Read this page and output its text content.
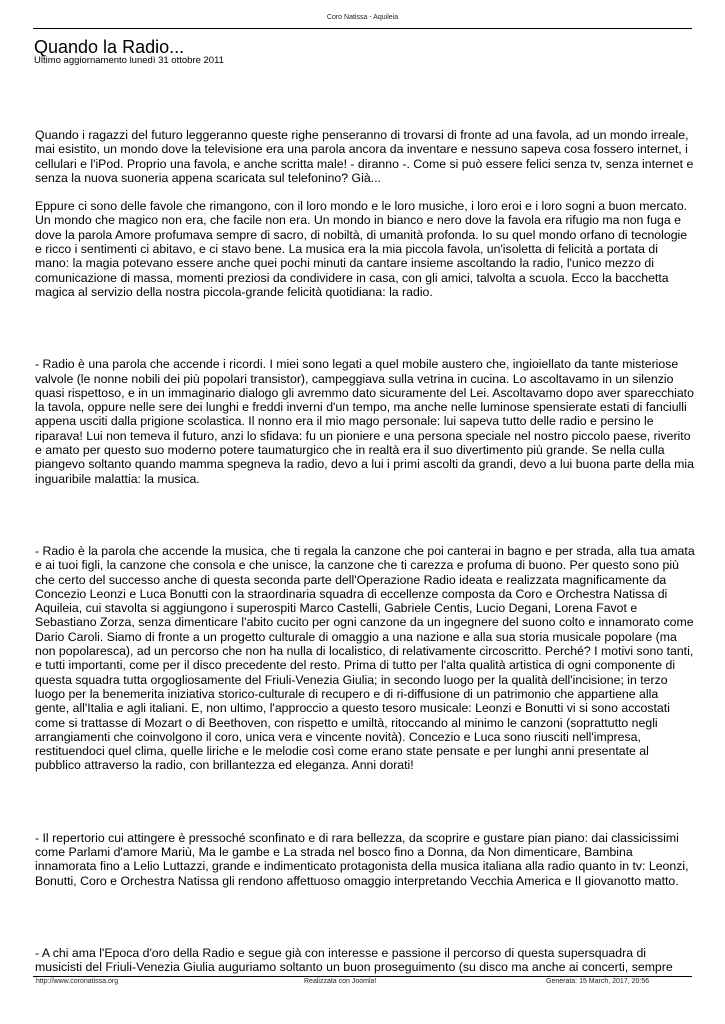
Coro Natissa - Aquileia
Quando la Radio...
Ultimo aggiornamento lunedì 31 ottobre 2011

Quando i ragazzi del futuro leggeranno queste righe penseranno di trovarsi di fronte ad una favola, ad un mondo irreale, mai esistito, un mondo dove la televisione era una parola ancora da inventare e nessuno sapeva cosa fossero internet, i cellulari e l'iPod. Proprio una favola, e anche scritta male! - diranno -. Come si può essere felici senza tv, senza internet e senza la nuova suoneria appena scaricata sul telefonino? Già...

Eppure ci sono delle favole che rimangono, con il loro mondo e le loro musiche, i loro eroi e i loro sogni a buon mercato. Un mondo che magico non era, che facile non era. Un mondo in bianco e nero dove la favola era rifugio ma non fuga e dove la parola Amore profumava sempre di sacro, di nobiltà, di umanità profonda. Io su quel mondo orfano di tecnologie e ricco i sentimenti ci abitavo, e ci stavo bene. La musica era la mia piccola favola, un'isoletta di felicità a portata di mano: la magia potevano essere anche quei pochi minuti da cantare insieme ascoltando la radio, l'unico mezzo di comunicazione di massa, momenti preziosi da condividere in casa, con gli amici, talvolta a scuola. Ecco la bacchetta magica al servizio della nostra piccola-grande felicità quotidiana: la radio.

- Radio è una parola che accende i ricordi. I miei sono legati a quel mobile austero che, ingioiellato da tante misteriose valvole (le nonne nobili dei più popolari transistor), campeggiava sulla vetrina in cucina. Lo ascoltavamo in un silenzio quasi rispettoso, e in un immaginario dialogo gli avremmo dato sicuramente del Lei. Ascoltavamo dopo aver sparecchiato la tavola, oppure nelle sere dei lunghi e freddi inverni d'un tempo, ma anche nelle luminose spensierate estati di fanciulli appena usciti dalla prigione scolastica. Il nonno era il mio mago personale: lui sapeva tutto delle radio e persino le riparava! Lui non temeva il futuro, anzi lo sfidava: fu un pioniere e una persona speciale nel nostro piccolo paese, riverito e amato per questo suo moderno potere taumaturgico che in realtà era il suo divertimento più grande. Se nella culla piangevo soltanto quando mamma spegneva la radio, devo a lui i primi ascolti da grandi, devo a lui buona parte della mia inguaribile malattia: la musica.

- Radio è la parola che accende la musica, che ti regala la canzone che poi canterai in bagno e per strada, alla tua amata e ai tuoi figli, la canzone che consola e che unisce, la canzone che ti carezza e profuma di buono. Per questo sono più che certo del successo anche di questa seconda parte dell'Operazione Radio ideata e realizzata magnificamente da Concezio Leonzi e Luca Bonutti con la straordinaria squadra di eccellenze composta da Coro e Orchestra Natissa di Aquileia, cui stavolta si aggiungono i superospiti Marco Castelli, Gabriele Centis, Lucio Degani, Lorena Favot e Sebastiano Zorza, senza dimenticare l'abito cucito per ogni canzone da un ingegnere del suono colto e innamorato come Dario Caroli. Siamo di fronte a un progetto culturale di omaggio a una nazione e alla sua storia musicale popolare (ma non popolaresca), ad un percorso che non ha nulla di localistico, di relativamente circoscritto. Perché? I motivi sono tanti, e tutti importanti, come per il disco precedente del resto. Prima di tutto per l'alta qualità artistica di ogni componente di questa squadra tutta orgogliosamente del Friuli-Venezia Giulia; in secondo luogo per la qualità dell'incisione; in terzo luogo per la benemerita iniziativa storico-culturale di recupero e di ri-diffusione di un patrimonio che appartiene alla gente, all'Italia e agli italiani. E, non ultimo, l'approccio a questo tesoro musicale: Leonzi e Bonutti vi si sono accostati come si trattasse di Mozart o di Beethoven, con rispetto e umiltà, ritoccando al minimo le canzoni (soprattutto negli arrangiamenti che coinvolgono il coro, unica vera e vincente novità). Concezio e Luca sono riusciti nell'impresa, restituendoci quel clima, quelle liriche e le melodie così come erano state pensate e per lunghi anni presentate al pubblico attraverso la radio, con brillantezza ed eleganza. Anni dorati!

- Il repertorio cui attingere è pressoché sconfinato e di rara bellezza, da scoprire e gustare pian piano: dai classicissimi come Parlami d'amore Mariù, Ma le gambe e La strada nel bosco fino a Donna, da Non dimenticare, Bambina innamorata fino a Lelio Luttazzi, grande e indimenticato protagonista della musica italiana alla radio quanto in tv: Leonzi, Bonutti, Coro e Orchestra Natissa gli rendono affettuoso omaggio interpretando Vecchia America e Il giovanotto matto.

- A chi ama l'Epoca d'oro della Radio e segue già con interesse e passione il percorso di questa supersquadra di musicisti del Friuli-Venezia Giulia auguriamo soltanto un buon proseguimento (su disco ma anche ai concerti, sempre

http://www.coronatissa.org	Realizzata con Joomla!	Generata: 15 March, 2017, 20:56
